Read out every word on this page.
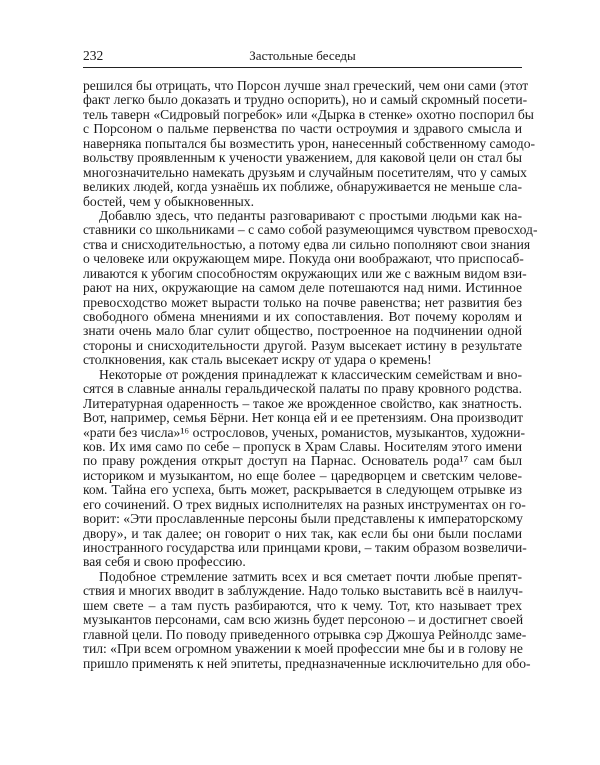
232	Застольные беседы
решился бы отрицать, что Порсон лучше знал греческий, чем они сами (этот
факт легко было доказать и трудно оспорить), но и самый скромный посети-
тель таверн «Сидровый погребок» или «Дырка в стенке» охотно поспорил бы
с Порсоном о пальме первенства по части остроумия и здравого смысла и
наверняка попытался бы возместить урон, нанесенный собственному самодо-
вольству проявленным к учености уважением, для каковой цели он стал бы
многозначительно намекать друзьям и случайным посетителям, что у самых
великих людей, когда узнаёшь их поближе, обнаруживается не меньше сла-
бостей, чем у обыкновенных.
Добавлю здесь, что педанты разговаривают с простыми людьми как на-
ставники со школьниками – с само собой разумеющимся чувством превосход-
ства и снисходительностью, а потому едва ли сильно пополняют свои знания
о человеке или окружающем мире. Покуда они воображают, что приспосаб-
ливаются к убогим способностям окружающих или же с важным видом взи-
рают на них, окружающие на самом деле потешаются над ними. Истинное
превосходство может вырасти только на почве равенства; нет развития без
свободного обмена мнениями и их сопоставления. Вот почему королям и
знати очень мало благ сулит общество, построенное на подчинении одной
стороны и снисходительности другой. Разум высекает истину в результате
столкновения, как сталь высекает искру от удара о кремень!
Некоторые от рождения принадлежат к классическим семействам и вно-
сятся в славные анналы геральдической палаты по праву кровного родства.
Литературная одаренность – такое же врожденное свойство, как знатность.
Вот, например, семья Бёрни. Нет конца ей и ее претензиям. Она производит
«рати без числа»¹⁶ острословов, ученых, романистов, музыкантов, художни-
ков. Их имя само по себе – пропуск в Храм Славы. Носителям этого имени
по праву рождения открыт доступ на Парнас. Основатель рода¹⁷ сам был
историком и музыкантом, но еще более – царедворцем и светским челове-
ком. Тайна его успеха, быть может, раскрывается в следующем отрывке из
его сочинений. О трех видных исполнителях на разных инструментах он го-
ворит: «Эти прославленные персоны были представлены к императорскому
двору», и так далее; он говорит о них так, как если бы они были послами
иностранного государства или принцами крови, – таким образом возвеличи-
вая себя и свою профессию.
Подобное стремление затмить всех и вся сметает почти любые препят-
ствия и многих вводит в заблуждение. Надо только выставить всё в наилуч-
шем свете – а там пусть разбираются, что к чему. Тот, кто называет трех
музыкантов персонами, сам всю жизнь будет персоною – и достигнет своей
главной цели. По поводу приведенного отрывка сэр Джошуа Рейнолдс заме-
тил: «При всем огромном уважении к моей профессии мне бы и в голову не
пришло применять к ней эпитеты, предназначенные исключительно для обо-
